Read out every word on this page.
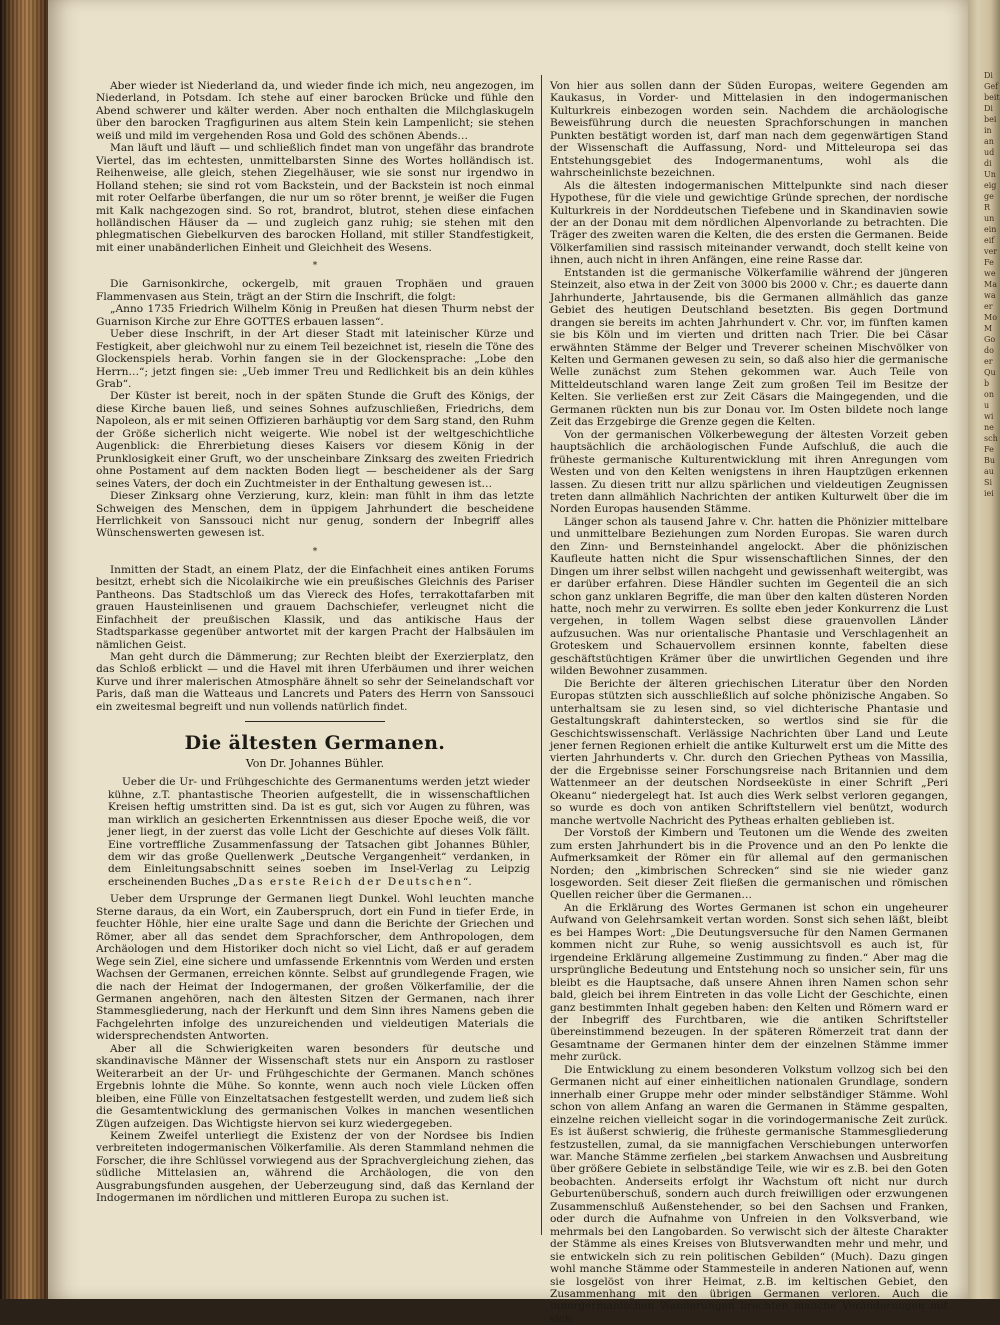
Di
Gef
beit
Di
bei
in
an
ud
di
Un
eig
ge
R
un
ein
eif
ver
Fe
we
Ma
wa
er
Mo
M
Go
do
er
Qu
b
on
u
wi
ne
sch
Fe
Bu
au
Si
iei

Aber wieder ist Niederland da, und wieder finde ich mich, neu angezogen, im Niederland, in Potsdam. Ich stehe auf einer barocken Brücke und fühle den Abend schwerer und kälter werden. Aber noch enthalten die Milchglaskugeln über den barocken Tragfigurinen aus altem Stein kein Lampenlicht; sie stehen weiß und mild im vergehenden Rosa und Gold des schönen Abends…

Man läuft und läuft — und schließlich findet man von ungefähr das brandrote Viertel, das im echtesten, unmittelbarsten Sinne des Wortes holländisch ist. Reihenweise, alle gleich, stehen Ziegelhäuser, wie sie sonst nur irgendwo in Holland stehen; sie sind rot vom Backstein, und der Backstein ist noch einmal mit roter Oelfarbe überfangen, die nur um so röter brennt, je weißer die Fugen mit Kalk nachgezogen sind. So rot, brandrot, blutrot, stehen diese einfachen holländischen Häuser da — und zugleich ganz ruhig; sie stehen mit den phlegmatischen Giebelkurven des barocken Holland, mit stiller Standfestigkeit, mit einer unabänderlichen Einheit und Gleichheit des Wesens.

*

Die Garnisonkirche, ockergelb, mit grauen Trophäen und grauen Flammenvasen aus Stein, trägt an der Stirn die Inschrift, die folgt:

„Anno 1735 Friedrich Wilhelm König in Preußen hat diesen Thurm nebst der Guarnison Kirche zur Ehre GOTTES erbauen lassen“.

Ueber diese Inschrift, in der Art dieser Stadt mit lateinischer Kürze und Festigkeit, aber gleichwohl nur zu einem Teil bezeichnet ist, rieseln die Töne des Glockenspiels herab. Vorhin fangen sie in der Glockensprache: „Lobe den Herrn…“; jetzt fingen sie: „Ueb immer Treu und Redlichkeit bis an dein kühles Grab“.

Der Küster ist bereit, noch in der späten Stunde die Gruft des Königs, der diese Kirche bauen ließ, und seines Sohnes aufzuschließen, Friedrichs, dem Napoleon, als er mit seinen Offizieren barhäuptig vor dem Sarg stand, den Ruhm der Größe sicherlich nicht weigerte. Wie nobel ist der weltgeschichtliche Augenblick: die Ehrerbietung dieses Kaisers vor diesem König in der Prunklosigkeit einer Gruft, wo der unscheinbare Zinksarg des zweiten Friedrich ohne Postament auf dem nackten Boden liegt — bescheidener als der Sarg seines Vaters, der doch ein Zuchtmeister in der Enthaltung gewesen ist…

Dieser Zinksarg ohne Verzierung, kurz, klein: man fühlt in ihm das letzte Schweigen des Menschen, dem in üppigem Jahrhundert die bescheidene Herrlichkeit von Sanssouci nicht nur genug, sondern der Inbegriff alles Wünschenswerten gewesen ist.

*

Inmitten der Stadt, an einem Platz, der die Einfachheit eines antiken Forums besitzt, erhebt sich die Nicolaikirche wie ein preußisches Gleichnis des Pariser Pantheons. Das Stadtschloß um das Viereck des Hofes, terrakottafarben mit grauen Hausteinlisenen und grauem Dachschiefer, verleugnet nicht die Einfachheit der preußischen Klassik, und das antikische Haus der Stadtsparkasse gegenüber antwortet mit der kargen Pracht der Halbsäulen im nämlichen Geist.

Man geht durch die Dämmerung; zur Rechten bleibt der Exerzierplatz, den das Schloß erblickt — und die Havel mit ihren Uferbäumen und ihrer weichen Kurve und ihrer malerischen Atmosphäre ähnelt so sehr der Seinelandschaft vor Paris, daß man die Watteaus und Lancrets und Paters des Herrn von Sanssouci ein zweitesmal begreift und nun vollends natürlich findet.

Die ältesten Germanen.
Von Dr. Johannes Bühler.

Ueber die Ur- und Frühgeschichte des Germanentums werden jetzt wieder kühne, z.T. phantastische Theorien aufgestellt, die in wissenschaftlichen Kreisen heftig umstritten sind. Da ist es gut, sich vor Augen zu führen, was man wirklich an gesicherten Erkenntnissen aus dieser Epoche weiß, die vor jener liegt, in der zuerst das volle Licht der Geschichte auf dieses Volk fällt. Eine vortreffliche Zusammenfassung der Tatsachen gibt Johannes Bühler, dem wir das große Quellenwerk „Deutsche Vergangenheit“ verdanken, in dem Einleitungsabschnitt seines soeben im Insel-Verlag zu Leipzig erscheinenden Buches „Das erste Reich der Deutschen“.

Ueber dem Ursprunge der Germanen liegt Dunkel. Wohl leuchten manche Sterne daraus, da ein Wort, ein Zauberspruch, dort ein Fund in tiefer Erde, in feuchter Höhle, hier eine uralte Sage und dann die Berichte der Griechen und Römer, aber all das sendet dem Sprachforscher, dem Anthropologen, dem Archäologen und dem Historiker doch nicht so viel Licht, daß er auf geradem Wege sein Ziel, eine sichere und umfassende Erkenntnis vom Werden und ersten Wachsen der Germanen, erreichen könnte. Selbst auf grundlegende Fragen, wie die nach der Heimat der Indogermanen, der großen Völkerfamilie, der die Germanen angehören, nach den ältesten Sitzen der Germanen, nach ihrer Stammesgliederung, nach der Herkunft und dem Sinn ihres Namens geben die Fachgelehrten infolge des unzureichenden und vieldeutigen Materials die widersprechendsten Antworten.

Aber all die Schwierigkeiten waren besonders für deutsche und skandinavische Männer der Wissenschaft stets nur ein Ansporn zu rastloser Weiterarbeit an der Ur- und Frühgeschichte der Germanen. Manch schönes Ergebnis lohnte die Mühe. So konnte, wenn auch noch viele Lücken offen bleiben, eine Fülle von Einzeltatsachen festgestellt werden, und zudem ließ sich die Gesamtentwicklung des germanischen Volkes in manchen wesentlichen Zügen aufzeigen. Das Wichtigste hiervon sei kurz wiedergegeben.

Keinem Zweifel unterliegt die Existenz der von der Nordsee bis Indien verbreiteten indogermanischen Völkerfamilie. Als deren Stammland nehmen die Forscher, die ihre Schlüssel vorwiegend aus der Sprachvergleichung ziehen, das südliche Mittelasien an, während die Archäologen, die von den Ausgrabungsfunden ausgehen, der Ueberzeugung sind, daß das Kernland der Indogermanen im nördlichen und mittleren Europa zu suchen ist.

Von hier aus sollen dann der Süden Europas, weitere Gegenden am Kaukasus, in Vorder- und Mittelasien in den indogermanischen Kulturkreis einbezogen worden sein. Nachdem die archäologische Beweisführung durch die neuesten Sprachforschungen in manchen Punkten bestätigt worden ist, darf man nach dem gegenwärtigen Stand der Wissenschaft die Auffassung, Nord- und Mitteleuropa sei das Entstehungsgebiet des Indogermanentums, wohl als die wahrscheinlichste bezeichnen.

Als die ältesten indogermanischen Mittelpunkte sind nach dieser Hypothese, für die viele und gewichtige Gründe sprechen, der nordische Kulturkreis in der Norddeutschen Tiefebene und in Skandinavien sowie der an der Donau mit dem nördlichen Alpenvorlande zu betrachten. Die Träger des zweiten waren die Kelten, die des ersten die Germanen. Beide Völkerfamilien sind rassisch miteinander verwandt, doch stellt keine von ihnen, auch nicht in ihren Anfängen, eine reine Rasse dar.

Entstanden ist die germanische Völkerfamilie während der jüngeren Steinzeit, also etwa in der Zeit von 3000 bis 2000 v. Chr.; es dauerte dann Jahrhunderte, Jahrtausende, bis die Germanen allmählich das ganze Gebiet des heutigen Deutschland besetzten. Bis gegen Dortmund drangen sie bereits im achten Jahrhundert v. Chr. vor, im fünften kamen sie bis Köln und im vierten und dritten nach Trier. Die bei Cäsar erwähnten Stämme der Belger und Treverer scheinen Mischvölker von Kelten und Germanen gewesen zu sein, so daß also hier die germanische Welle zunächst zum Stehen gekommen war. Auch Teile von Mitteldeutschland waren lange Zeit zum großen Teil im Besitze der Kelten. Sie verließen erst zur Zeit Cäsars die Maingegenden, und die Germanen rückten nun bis zur Donau vor. Im Osten bildete noch lange Zeit das Erzgebirge die Grenze gegen die Kelten.

Von der germanischen Völkerbewegung der ältesten Vorzeit geben hauptsächlich die archäologischen Funde Aufschluß, die auch die früheste germanische Kulturentwicklung mit ihren Anregungen vom Westen und von den Kelten wenigstens in ihren Hauptzügen erkennen lassen. Zu diesen tritt nur allzu spärlichen und vieldeutigen Zeugnissen treten dann allmählich Nachrichten der antiken Kulturwelt über die im Norden Europas hausenden Stämme.

Länger schon als tausend Jahre v. Chr. hatten die Phönizier mittelbare und unmittelbare Beziehungen zum Norden Europas. Sie waren durch den Zinn- und Bernsteinhandel angelockt. Aber die phönizischen Kaufleute hatten nicht die Spur wissenschaftlichen Sinnes, der den Dingen um ihrer selbst willen nachgeht und gewissenhaft weitergibt, was er darüber erfahren. Diese Händler suchten im Gegenteil die an sich schon ganz unklaren Begriffe, die man über den kalten düsteren Norden hatte, noch mehr zu verwirren. Es sollte eben jeder Konkurrenz die Lust vergehen, in tollem Wagen selbst diese grauenvollen Länder aufzusuchen. Was nur orientalische Phantasie und Verschlagenheit an Groteskem und Schauervollem ersinnen konnte, fabelten diese geschäftstüchtigen Krämer über die unwirtlichen Gegenden und ihre wilden Bewohner zusammen.

Die Berichte der älteren griechischen Literatur über den Norden Europas stützten sich ausschließlich auf solche phönizische Angaben. So unterhaltsam sie zu lesen sind, so viel dichterische Phantasie und Gestaltungskraft dahinterstecken, so wertlos sind sie für die Geschichtswissenschaft. Verlässige Nachrichten über Land und Leute jener fernen Regionen erhielt die antike Kulturwelt erst um die Mitte des vierten Jahrhunderts v. Chr. durch den Griechen Pytheas von Massilia, der die Ergebnisse seiner Forschungsreise nach Britannien und dem Wattenmeer an der deutschen Nordseeküste in einer Schrift „Peri Okeanu“ niedergelegt hat. Ist auch dies Werk selbst verloren gegangen, so wurde es doch von antiken Schriftstellern viel benützt, wodurch manche wertvolle Nachricht des Pytheas erhalten geblieben ist.

Der Vorstoß der Kimbern und Teutonen um die Wende des zweiten zum ersten Jahrhundert bis in die Provence und an den Po lenkte die Aufmerksamkeit der Römer ein für allemal auf den germanischen Norden; den „kimbrischen Schrecken“ sind sie nie wieder ganz losgeworden. Seit dieser Zeit fließen die germanischen und römischen Quellen reicher über die Germanen…

An die Erklärung des Wortes Germanen ist schon ein ungeheurer Aufwand von Gelehrsamkeit vertan worden. Sonst sich sehen läßt, bleibt es bei Hampes Wort: „Die Deutungsversuche für den Namen Germanen kommen nicht zur Ruhe, so wenig aussichtsvoll es auch ist, für irgendeine Erklärung allgemeine Zustimmung zu finden.“ Aber mag die ursprüngliche Bedeutung und Entstehung noch so unsicher sein, für uns bleibt es die Hauptsache, daß unsere Ahnen ihren Namen schon sehr bald, gleich bei ihrem Eintreten in das volle Licht der Geschichte, einen ganz bestimmten Inhalt gegeben haben: den Kelten und Römern ward er der Inbegriff des Furchtbaren, wie die antiken Schriftsteller übereinstimmend bezeugen. In der späteren Römerzeit trat dann der Gesamtname der Germanen hinter dem der einzelnen Stämme immer mehr zurück.

Die Entwicklung zu einem besonderen Volkstum vollzog sich bei den Germanen nicht auf einer einheitlichen nationalen Grundlage, sondern innerhalb einer Gruppe mehr oder minder selbständiger Stämme. Wohl schon von allem Anfang an waren die Germanen in Stämme gespalten, einzelne reichen vielleicht sogar in die vorindogermanische Zeit zurück. Es ist äußerst schwierig, die früheste germanische Stammesgliederung festzustellen, zumal, da sie mannigfachen Verschiebungen unterworfen war. Manche Stämme zerfielen „bei starkem Anwachsen und Ausbreitung über größere Gebiete in selbständige Teile, wie wir es z.B. bei den Goten beobachten. Anderseits erfolgt ihr Wachstum oft nicht nur durch Geburtenüberschuß, sondern auch durch freiwilligen oder erzwungenen Zusammenschluß Außenstehender, so bei den Sachsen und Franken, oder durch die Aufnahme von Unfreien in den Volksverband, wie mehrmals bei den Langobarden. So verwischt sich der älteste Charakter der Stämme als eines Kreises von Blutsverwandten mehr und mehr, und sie entwickeln sich zu rein politischen Gebilden“ (Much). Dazu gingen wohl manche Stämme oder Stammesteile in anderen Nationen auf, wenn sie losgelöst von ihrer Heimat, z.B. im keltischen Gebiet, den Zusammenhang mit den übrigen Germanen verloren. Auch die innergermanischen Wanderungen brachten manche Veränderungen mit sich.
